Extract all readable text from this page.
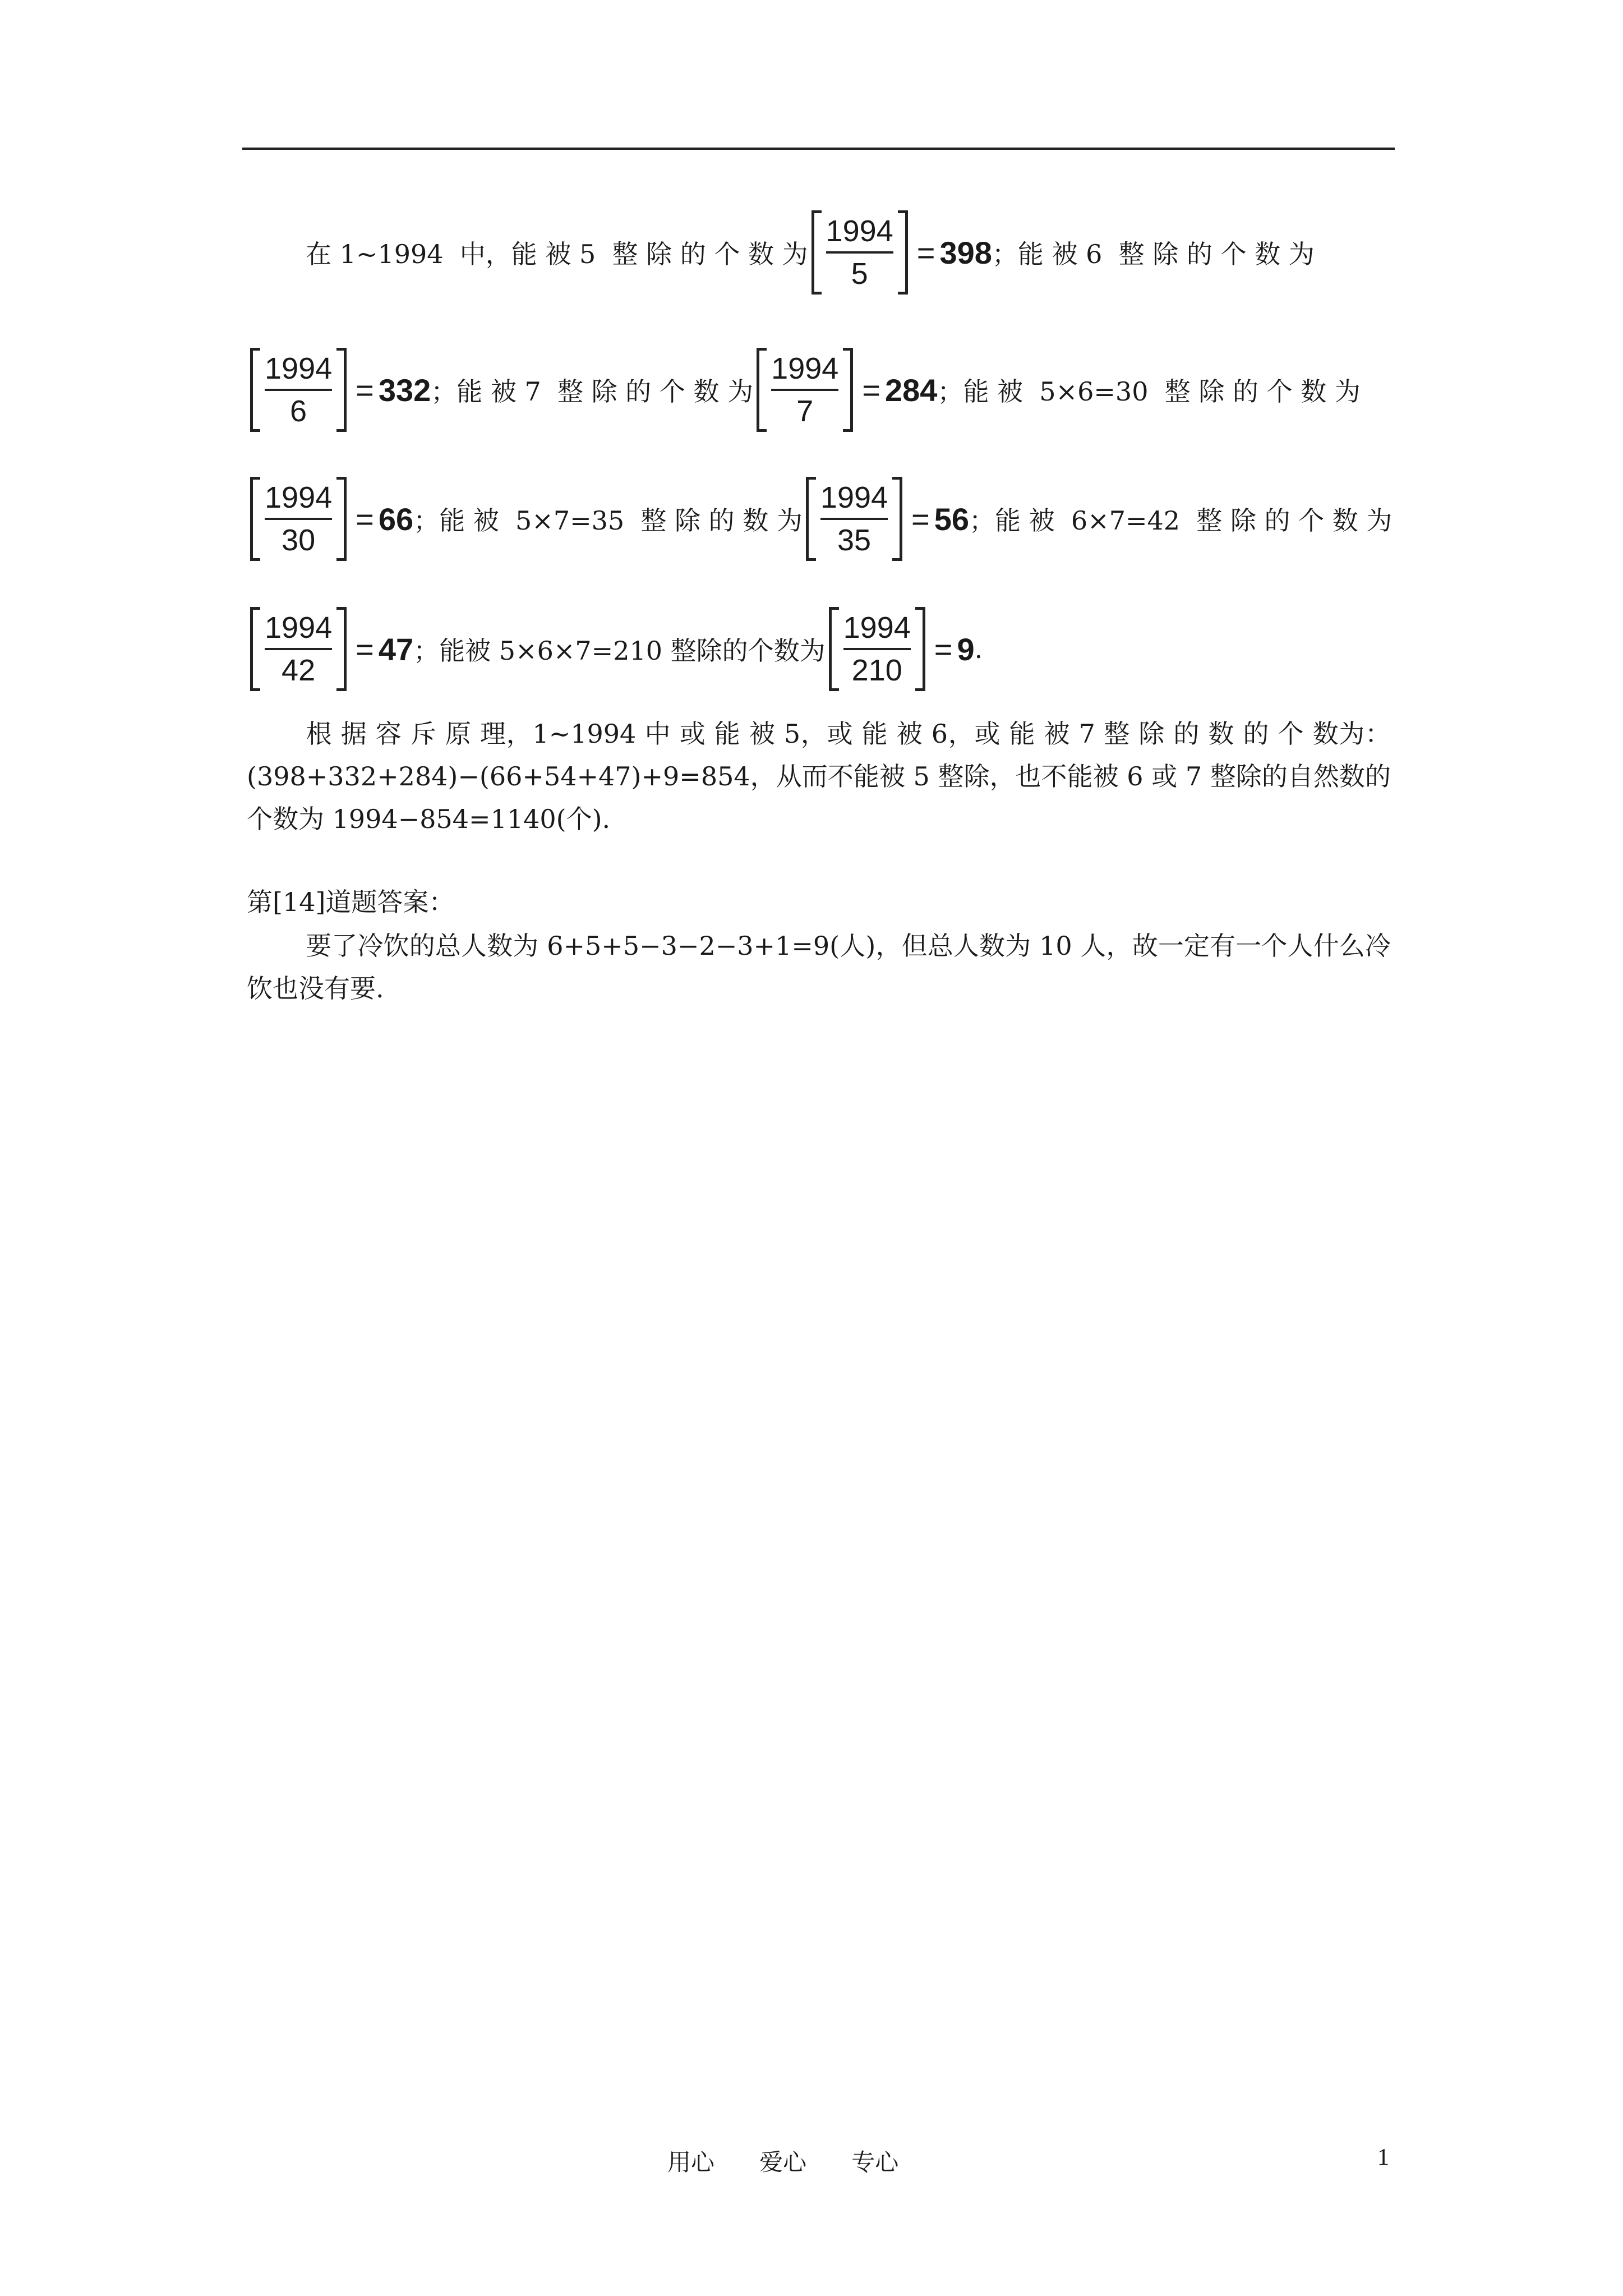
在 1~1994  中，能 被 5  整 除 的 个 数 为 $\frac{1994}{5} = 398$ ；能 被 6  整 除 的 个 数 为
$\frac{1994}{6} = 332$ ；能 被 7  整 除 的 个 数 为 $\frac{1994}{7} = 284$ ；能 被  5×6=30  整 除 的 个 数 为
$\frac{1994}{30} = 66$ ；能 被  5×7=35  整 除 的 数 为 $\frac{1994}{35} = 56$ ；能 被  6×7=42  整 除 的 个 数 为
$\frac{1994}{42} = 47$ ；能被 5×6×7=210 整除的个数为 $\frac{1994}{210} = 9$ .
根 据 容 斥 原 理，1~1994 中 或 能 被 5，或 能 被 6，或 能 被 7 整 除 的 数 的 个 数为：(398+332+284)−(66+54+47)+9=854，从而不能被 5 整除，也不能被 6 或 7 整除的自然数的个数为 1994−854=1140(个).
第[14]道题答案：
要了冷饮的总人数为 6+5+5−3−2−3+1=9(人)，但总人数为 10 人，故一定有一个人什么冷饮也没有要.
用心      爱心      专心	1
